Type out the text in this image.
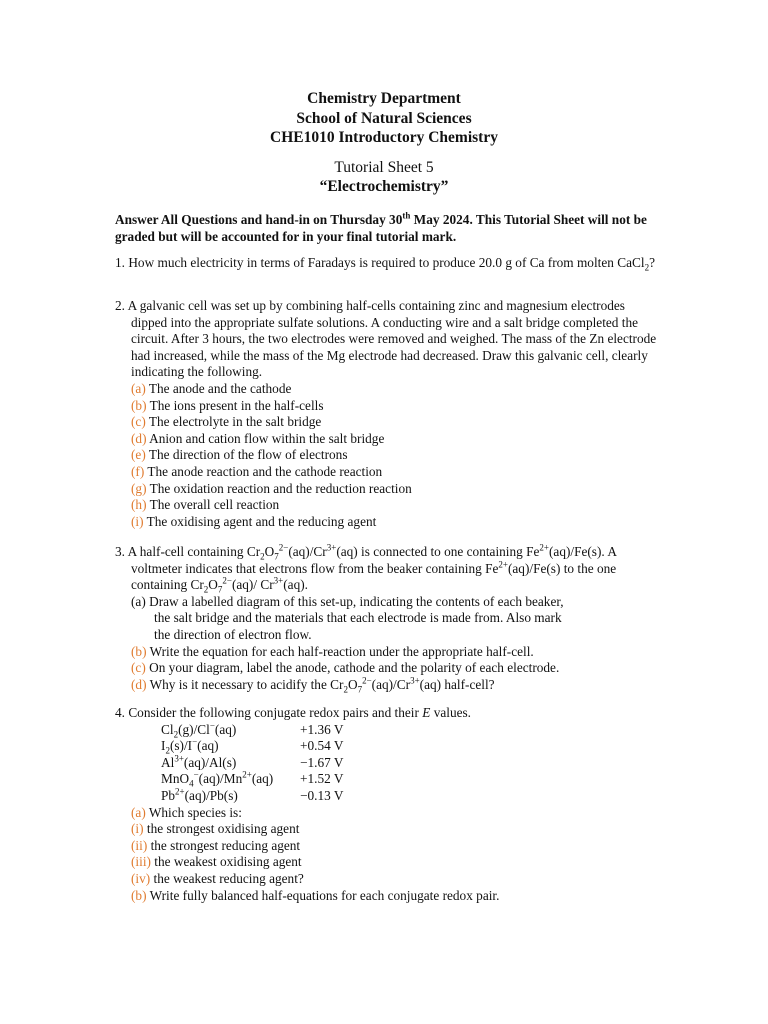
Chemistry Department
School of Natural Sciences
CHE1010 Introductory Chemistry
Tutorial Sheet 5
“Electrochemistry”
Answer All Questions and hand-in on Thursday 30th May 2024. This Tutorial Sheet will not be graded but will be accounted for in your final tutorial mark.
1. How much electricity in terms of Faradays is required to produce 20.0 g of Ca from molten CaCl$_2$?
2. A galvanic cell was set up by combining half-cells containing zinc and magnesium electrodes dipped into the appropriate sulfate solutions. A conducting wire and a salt bridge completed the circuit. After 3 hours, the two electrodes were removed and weighed. The mass of the Zn electrode had increased, while the mass of the Mg electrode had decreased. Draw this galvanic cell, clearly indicating the following.
(a) The anode and the cathode
(b) The ions present in the half-cells
(c) The electrolyte in the salt bridge
(d) Anion and cation flow within the salt bridge
(e) The direction of the flow of electrons
(f) The anode reaction and the cathode reaction
(g) The oxidation reaction and the reduction reaction
(h) The overall cell reaction
(i) The oxidising agent and the reducing agent
3. A half-cell containing $Cr_2O_7^{2-}(aq)/Cr^{3+}(aq)$ is connected to one containing $Fe^{2+}(aq)/Fe(s)$. A voltmeter indicates that electrons flow from the beaker containing $Fe^{2+}(aq)/Fe(s)$ to the one containing $Cr_2O_7^{2-}(aq)/$ $Cr^{3+}(aq)$.
(a) Draw a labelled diagram of this set-up, indicating the contents of each beaker,
the salt bridge and the materials that each electrode is made from. Also mark
the direction of electron flow.
(b) Write the equation for each half-reaction under the appropriate half-cell.
(c) On your diagram, label the anode, cathode and the polarity of each electrode.
(d) Why is it necessary to acidify the $Cr_2O_7^{2-}(aq)/Cr^{3+}(aq)$ half-cell?
4. Consider the following conjugate redox pairs and their E values.
$Cl_2(g)/Cl^-(aq)$	+1.36 V
$I_2(s)/I^-(aq)$	+0.54 V
$Al^{3+}(aq)/Al(s)$	−1.67 V
$MnO_4^-(aq)/Mn^{2+}(aq)$	+1.52 V
$Pb^{2+}(aq)/Pb(s)$	−0.13 V
(a) Which species is:
(i) the strongest oxidising agent
(ii) the strongest reducing agent
(iii) the weakest oxidising agent
(iv) the weakest reducing agent?
(b) Write fully balanced half-equations for each conjugate redox pair.
